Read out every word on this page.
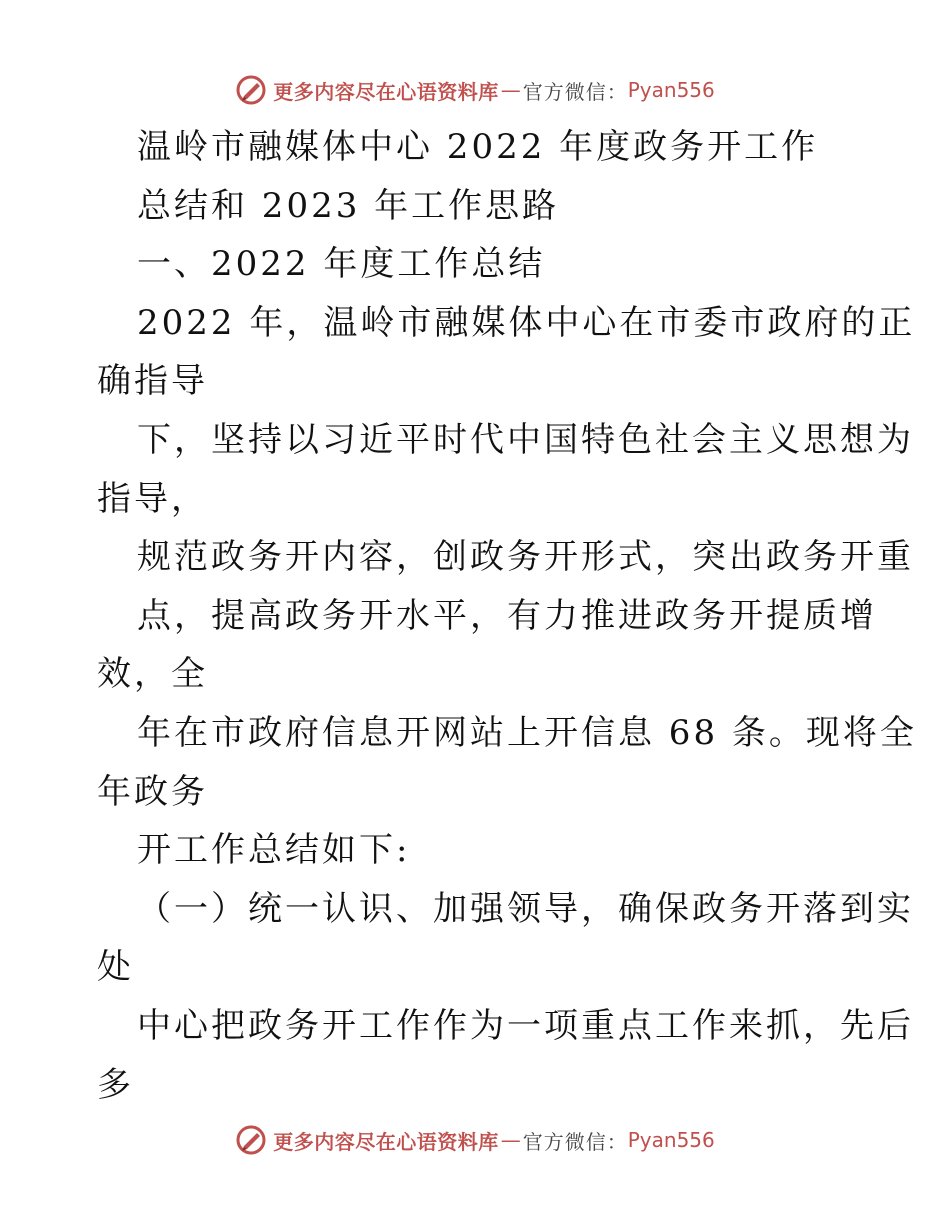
更多内容尽在心语资料库 — 官方微信： Pyan556
温岭市融媒体中心 2022 年度政务开工作
总结和 2023 年工作思路
一、2022 年度工作总结
2022 年，温岭市融媒体中心在市委市政府的正
确指导
下，坚持以习近平时代中国特色社会主义思想为
指导，
规范政务开内容，创政务开形式，突出政务开重
点，提高政务开水平，有力推进政务开提质增
效，全
年在市政府信息开网站上开信息 68 条。现将全
年政务
开工作总结如下:
（一）统一认识、加强领导，确保政务开落到实
处
中心把政务开工作作为一项重点工作来抓，先后
多
更多内容尽在心语资料库 — 官方微信： Pyan556
